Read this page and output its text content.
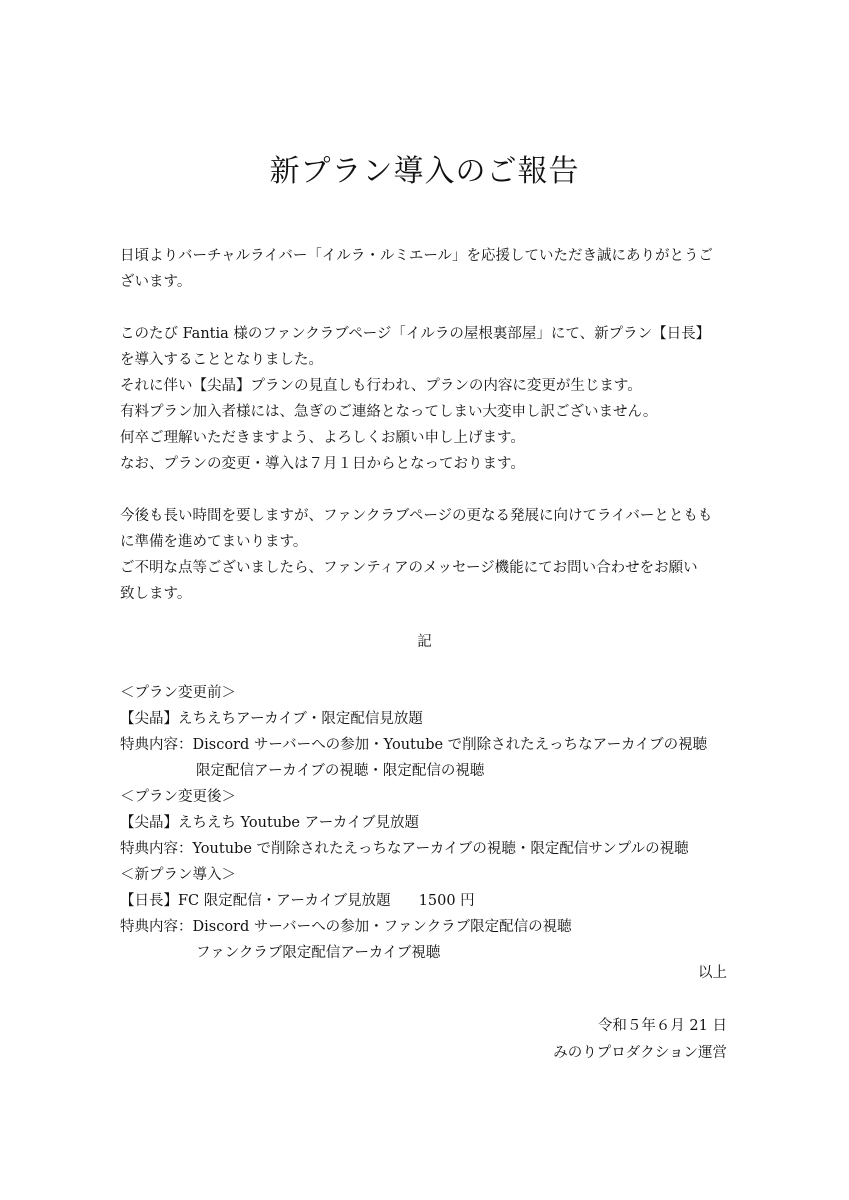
新プラン導入のご報告
日頃よりバーチャルライバー「イルラ・ルミエール」を応援していただき誠にありがとうご
ざいます。
このたび Fantia 様のファンクラブページ「イルラの屋根裏部屋」にて、新プラン【日長】
を導入することとなりました。
それに伴い【尖晶】プランの見直しも行われ、プランの内容に変更が生じます。
有料プラン加入者様には、急ぎのご連絡となってしまい大変申し訳ございません。
何卒ご理解いただきますよう、よろしくお願い申し上げます。
なお、プランの変更・導入は７月１日からとなっております。
今後も長い時間を要しますが、ファンクラブページの更なる発展に向けてライバーとともも
に準備を進めてまいります。
ご不明な点等ございましたら、ファンティアのメッセージ機能にてお問い合わせをお願い
致します。
記
＜プラン変更前＞
【尖晶】えちえちアーカイブ・限定配信見放題
特典内容：Discord サーバーへの参加・Youtube で削除されたえっちなアーカイブの視聴
限定配信アーカイブの視聴・限定配信の視聴
＜プラン変更後＞
【尖晶】えちえち Youtube アーカイブ見放題
特典内容：Youtube で削除されたえっちなアーカイブの視聴・限定配信サンプルの視聴
＜新プラン導入＞
【日長】FC 限定配信・アーカイブ見放題 1500 円
特典内容：Discord サーバーへの参加・ファンクラブ限定配信の視聴
ファンクラブ限定配信アーカイブ視聴
以上
令和５年６月 21 日
みのりプロダクション運営
